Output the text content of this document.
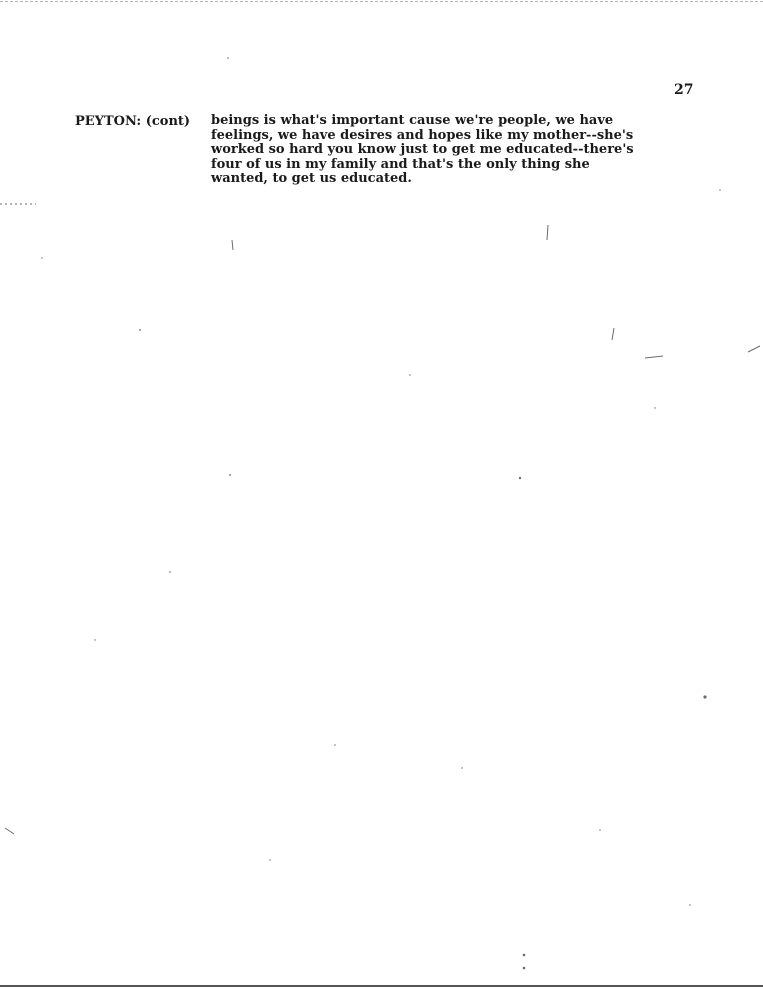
27
PEYTON: (cont) beings is what's important cause we're people, we have
feelings, we have desires and hopes like my mother--she's
worked so hard you know just to get me educated--there's
four of us in my family and that's the only thing she
wanted, to get us educated.
